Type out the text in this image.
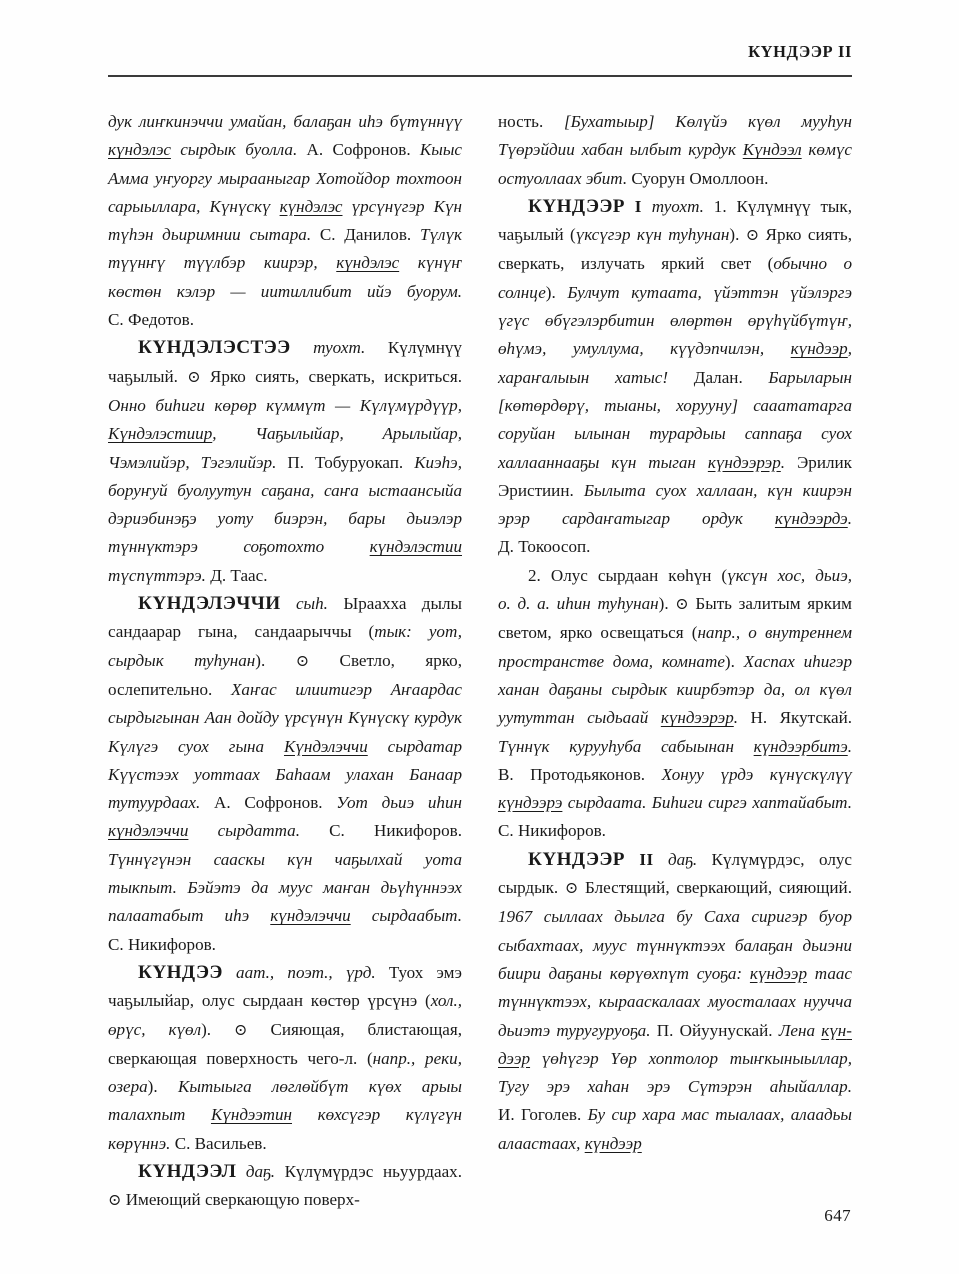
КҮНДЭЭР II

дук лиҥкинэччи умайан, балаҕан иһэ бүтүннүү күндэлэс сырдык буолла. А. Софронов. Кыыс Амма уҥуоргу мырааныгар Хотойдор тохтоон сарыыллара, Күнүскү күндэлэс үрсүнүгэр Күн түһэн дьиримнии сытара. С. Данилов. Түлүк түүнҥү түүлбэр киирэр, күндэлэс күнүҥ көстөн кэлэр — иитиллибит ийэ буорум. С. Федотов.

КҮНДЭЛЭСТЭЭ туохт. Күлүмнүү чаҕылый. ⊙ Ярко сиять, сверкать, искриться. Онно биһиги көрөр күммүт — Күлүмүрдүүр, Күндэлэстиир, Чаҕылыйар, Арылыйар, Чэмэлийэр, Тэгэлийэр. П. Тобуруокап. Киэһэ, боруҥуй буолуутун саҕана, саҥа ыстаансыйа дэриэбинэҕэ уоту биэрэн, бары дьиэлэр түннүктэрэ соҕотохто	күндэлэстии түспүттэрэ. Д. Таас.

КҮНДЭЛЭЧЧИ сыһ. Ыраахха дылы сандаарар гына, сандаарыччы (тык: уот, сырдык туһунан). ⊙ Светло, ярко, ослепительно. Хаҥас илиитигэр Аҥаардас сырдыгынан Аан дойду үрсүнүн Күнүскү курдук Күлүгэ суох гына Күндэлэччи сырдатар Күүстээх уоттаах Баһаам улахан Банаар тутуурдаах. А. Софронов. Уот дьиэ иһин күндэлэччи сырдатта. С. Никифоров. Түннүгүнэн сааскы күн чаҕылхай уота тыкпыт. Бэйэтэ да муус маҥан дьүһүннээх палаатабыт иһэ күндэлэччи сырдаабыт. С. Никифоров.

КҮНДЭЭ аат., поэт., үрд. Туох эмэ чаҕылыйар, олус сырдаан көстөр үрсүнэ (хол., өрүс, күөл). ⊙ Сияющая, блистающая, сверкающая поверхность чего-л. (напр., реки, озера). Кытыыга лөглөйбүт күөх арыы талахпыт Күндээтин көхсүгэр күлүгүн көрүннэ. С. Васильев.

КҮНДЭЭЛ даҕ. Күлүмүрдэс ньуурдаах. ⊙ Имеющий сверкающую поверх-

ность. [Бухатыыр] Көлүйэ күөл мууһун Түөрэйдии хабан ылбыт курдук Күндээл көмүс остуоллаах эбит. Суорун Омоллоон.

КҮНДЭЭР I туохт. 1. Күлүмнүү тык, чаҕылый (үксүгэр күн туһунан). ⊙ Ярко сиять, сверкать, излучать яркий свет (обычно о солнце). Булчут кутаата, үйэттэн үйэлэргэ үгүс өбүгэлэрбитин өлөртөн өрүһүйбүтүҥ, өһүмэ, умуллума, күүдэпчилэн, күндээр, хараҥалыын хатыс! Далан. Барыларын [көтөрдөрү, тыаны, хорууну] сааататарга соруйан ылынан турардыы саппаҕа суох халлааннааҕы күн тыган күндээрэр. Эрилик Эристиин. Былыта суох халлаан, күн киирэн эрэр сардаҥатыгар ордук күндээрдэ. Д. Токоосоп.

2. Олус сырдаан көһүн (үксүн хос, дьиэ, о. д. а. иһин туһунан). ⊙ Быть залитым ярким светом, ярко освещаться (напр., о внутреннем пространстве дома, комнате). Хаспах иһигэр ханан даҕаны сырдык киирбэтэр да, ол күөл уутуттан сыдьаай күндээрэр. Н. Якутскай. Түннүк курууһуба сабыынан күндээрбитэ. В. Протодьяконов. Хонуу үрдэ күнүскүлүү күндээрэ сырдаата. Биһиги сиргэ хаптайабыт. С. Никифоров.

КҮНДЭЭР II даҕ. Күлүмүрдэс, олус сырдык. ⊙ Блестящий, сверкающий, сияющий. 1967 сыллаах дьылга бу Саха сиригэр буор сыбахтаах, муус түннүктээх балаҕан дьиэни биири даҕаны көрүөхпүт суоҕа: күндээр таас түннүктээх, кырааскалаах муосталаах нуучча дьиэтэ туругуруоҕа. П. Ойуунускай. Лена күндээр үөһүгэр Үөр хоптолор тыҥкыныыллар, Тугу эрэ хаһан эрэ Сүтэрэн аһыйаллар. И. Гоголев. Бу сир хара мас тыалаах, алаадьы алаастаах, күндээр

647
